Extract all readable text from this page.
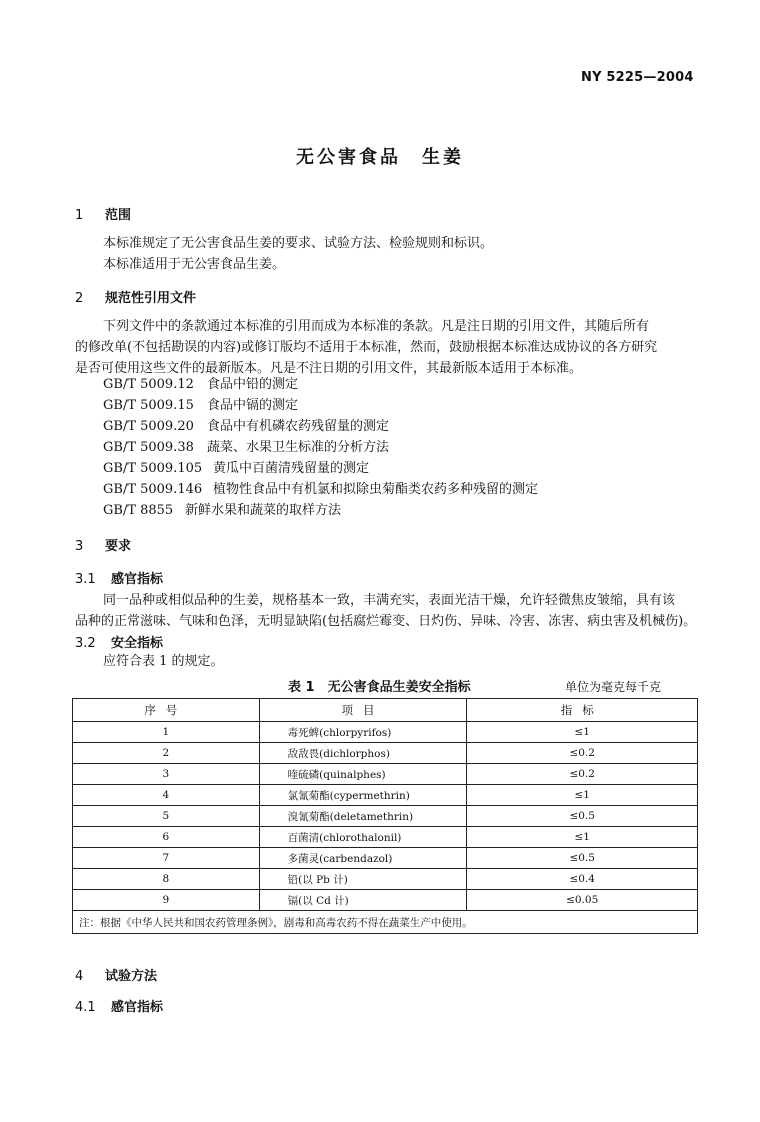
NY 5225—2004
无公害食品　生姜
1 范围
本标准规定了无公害食品生姜的要求、试验方法、检验规则和标识。
本标准适用于无公害食品生姜。
2 规范性引用文件
下列文件中的条款通过本标准的引用而成为本标准的条款。凡是注日期的引用文件，其随后所有
的修改单(不包括勘误的内容)或修订版均不适用于本标准，然而，鼓励根据本标准达成协议的各方研究
是否可使用这些文件的最新版本。凡是不注日期的引用文件，其最新版本适用于本标准。
GB/T 5009.12 食品中铅的测定
GB/T 5009.15 食品中镉的测定
GB/T 5009.20 食品中有机磷农药残留量的测定
GB/T 5009.38 蔬菜、水果卫生标准的分析方法
GB/T 5009.105 黄瓜中百菌清残留量的测定
GB/T 5009.146 植物性食品中有机氯和拟除虫菊酯类农药多种残留的测定
GB/T 8855 新鲜水果和蔬菜的取样方法
3 要求
3.1 感官指标
同一品种或相似品种的生姜，规格基本一致，丰满充实，表面光洁干燥，允许轻微焦皮皱缩，具有该
品种的正常滋味、气味和色泽，无明显缺陷(包括腐烂霉变、日灼伤、异味、冷害、冻害、病虫害及机械伤)。
3.2 安全指标
应符合表 1 的规定。
表 1　无公害食品生姜安全指标	单位为毫克每千克
序号	项目	指标
1	毒死蜱(chlorpyrifos)	≤1
2	敌敌畏(dichlorphos)	≤0.2
3	喹硫磷(quinalphes)	≤0.2
4	氯氰菊酯(cypermethrin)	≤1
5	溴氰菊酯(deletamethrin)	≤0.5
6	百菌清(chlorothalonil)	≤1
7	多菌灵(carbendazol)	≤0.5
8	铅(以 Pb 计)	≤0.4
9	镉(以 Cd 计)	≤0.05
注：根据《中华人民共和国农药管理条例》，剧毒和高毒农药不得在蔬菜生产中使用。		
4 试验方法
4.1 感官指标
